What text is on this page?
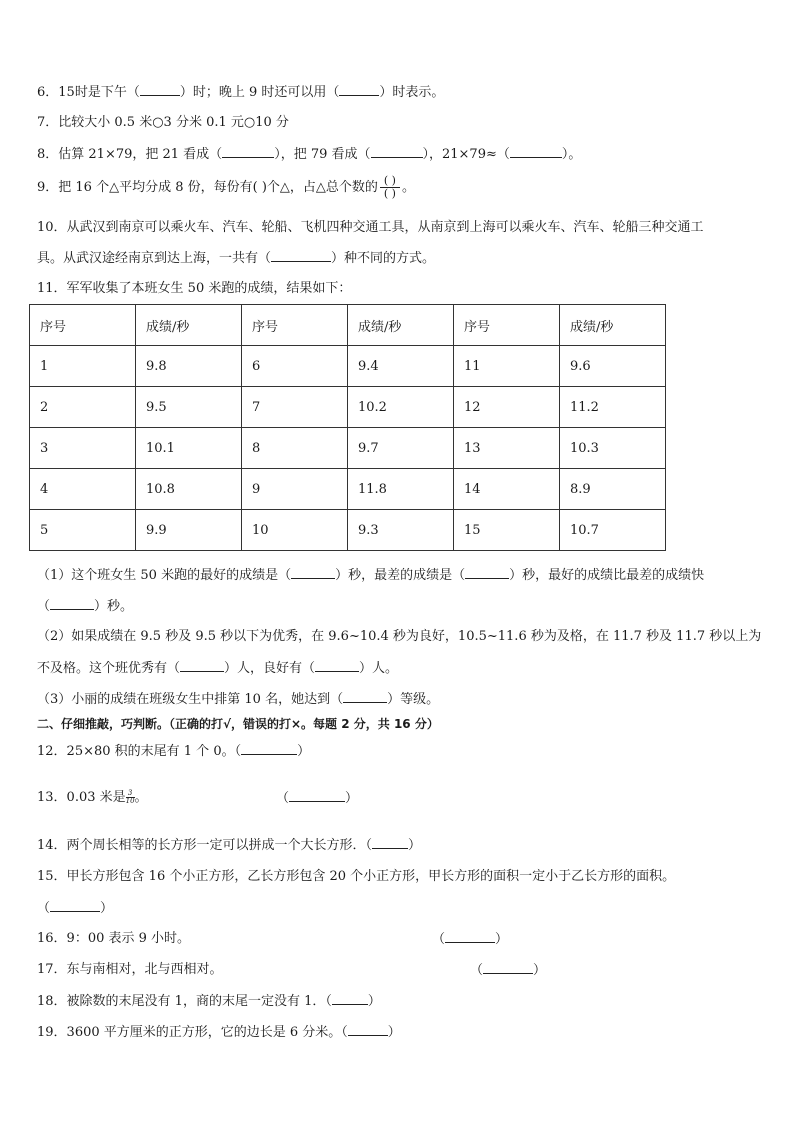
6．15时是下午（	）时；晚上 9 时还可以用（	）时表示。
7．比较大小 0.5 米○3 分米 0.1 元○10 分
8．估算 21×79，把 21 看成（	），把 79 看成（	），21×79≈（	）。
9．把 16 个△平均分成 8 份，每份有( )个△，占△总个数的 $\frac{( )}{( )}$ 。
10．从武汉到南京可以乘火车、汽车、轮船、飞机四种交通工具，从南京到上海可以乘火车、汽车、轮船三种交通工
具。从武汉途经南京到达上海，一共有（	）种不同的方式。
11．军军收集了本班女生 50 米跑的成绩，结果如下：
序号	成绩/秒	序号	成绩/秒	序号	成绩/秒
1	9.8	6	9.4	11	9.6
2	9.5	7	10.2	12	11.2
3	10.1	8	9.7	13	10.3
4	10.8	9	11.8	14	8.9
5	9.9	10	9.3	15	10.7
（1）这个班女生 50 米跑的最好的成绩是（	）秒，最差的成绩是（	）秒，最好的成绩比最差的成绩快
（	）秒。
（2）如果成绩在 9.5 秒及 9.5 秒以下为优秀，在 9.6~10.4 秒为良好，10.5~11.6 秒为及格，在 11.7 秒及 11.7 秒以上为
不及格。这个班优秀有（	）人，良好有（	）人。
（3）小丽的成绩在班级女生中排第 10 名，她达到（	）等级。
二、仔细推敲，巧判断。（正确的打√，错误的打×。每题 2 分，共 16 分）
12．25×80 积的末尾有 1 个 0。（	）
13．0.03 米是 $\frac{3}{10}$。	（	）
14．两个周长相等的长方形一定可以拼成一个大长方形．（	）
15．甲长方形包含 16 个小正方形，乙长方形包含 20 个小正方形，甲长方形的面积一定小于乙长方形的面积。
（	）
16．9：00 表示 9 小时。	（	）
17．东与南相对，北与西相对。	（	）
18．被除数的末尾没有 1，商的末尾一定没有 1．（	）
19．3600 平方厘米的正方形，它的边长是 6 分米。（	）
